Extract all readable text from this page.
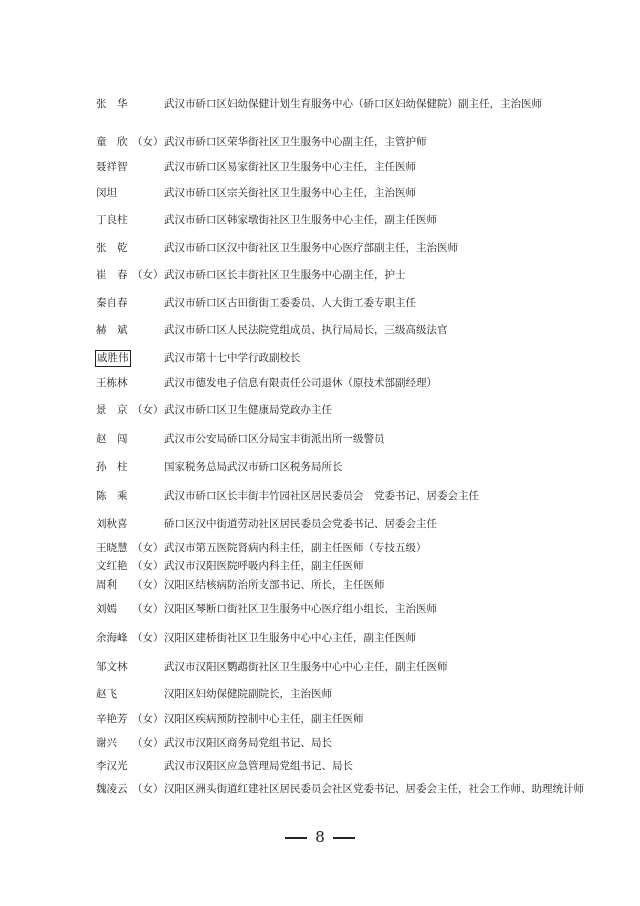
张　华	武汉市硚口区妇幼保健计划生育服务中心（硚口区妇幼保健院）副主任，主治医师
童　欣 （女） 武汉市硚口区荣华街社区卫生服务中心副主任，主管护师
聂祥智	武汉市硚口区易家街社区卫生服务中心主任，主任医师
闵坦	武汉市硚口区宗关街社区卫生服务中心主任，主治医师
丁良柱	武汉市硚口区韩家墩街社区卫生服务中心主任，副主任医师
张　乾	武汉市硚口区汉中街社区卫生服务中心医疗部副主任，主治医师
崔　春 （女） 武汉市硚口区长丰街社区卫生服务中心副主任，护士
秦自春	武汉市硚口区古田街街工委委员、人大街工委专职主任
赫　斌	武汉市硚口区人民法院党组成员、执行局局长，三级高级法官
戚胜伟	武汉市第十七中学行政副校长
王栋林	武汉市德发电子信息有限责任公司退休（原技术部副经理）
景　京 （女） 武汉市硚口区卫生健康局党政办主任
赵　闯	武汉市公安局硚口区分局宝丰街派出所一级警员
孙　柱	国家税务总局武汉市硚口区税务局所长
陈　乘	武汉市硚口区长丰街丰竹园社区居民委员会　党委书记、居委会主任
刘秋喜	硚口区汉中街道劳动社区居民委员会党委书记、居委会主任
王晓慧 （女） 武汉市第五医院肾病内科主任，副主任医师（专技五级）
文红艳 （女） 武汉市汉阳医院呼吸内科主任，副主任医师
周利 （女） 汉阳区结核病防治所支部书记、所长，主任医师
刘嫣 （女） 汉阳区琴断口街社区卫生服务中心医疗组小组长，主治医师
余海峰 （女） 汉阳区建桥街社区卫生服务中心中心主任，副主任医师
邹文林	武汉市汉阳区鹦鹉街社区卫生服务中心中心主任，副主任医师
赵飞	汉阳区妇幼保健院副院长，主治医师
辛艳芳 （女） 汉阳区疾病预防控制中心主任，副主任医师
谢兴 （女） 武汉市汉阳区商务局党组书记、局长
李汉光	武汉市汉阳区应急管理局党组书记、局长
魏凌云 （女） 汉阳区洲头街道红建社区居民委员会社区党委书记、居委会主任，社会工作师、助理统计师
8
